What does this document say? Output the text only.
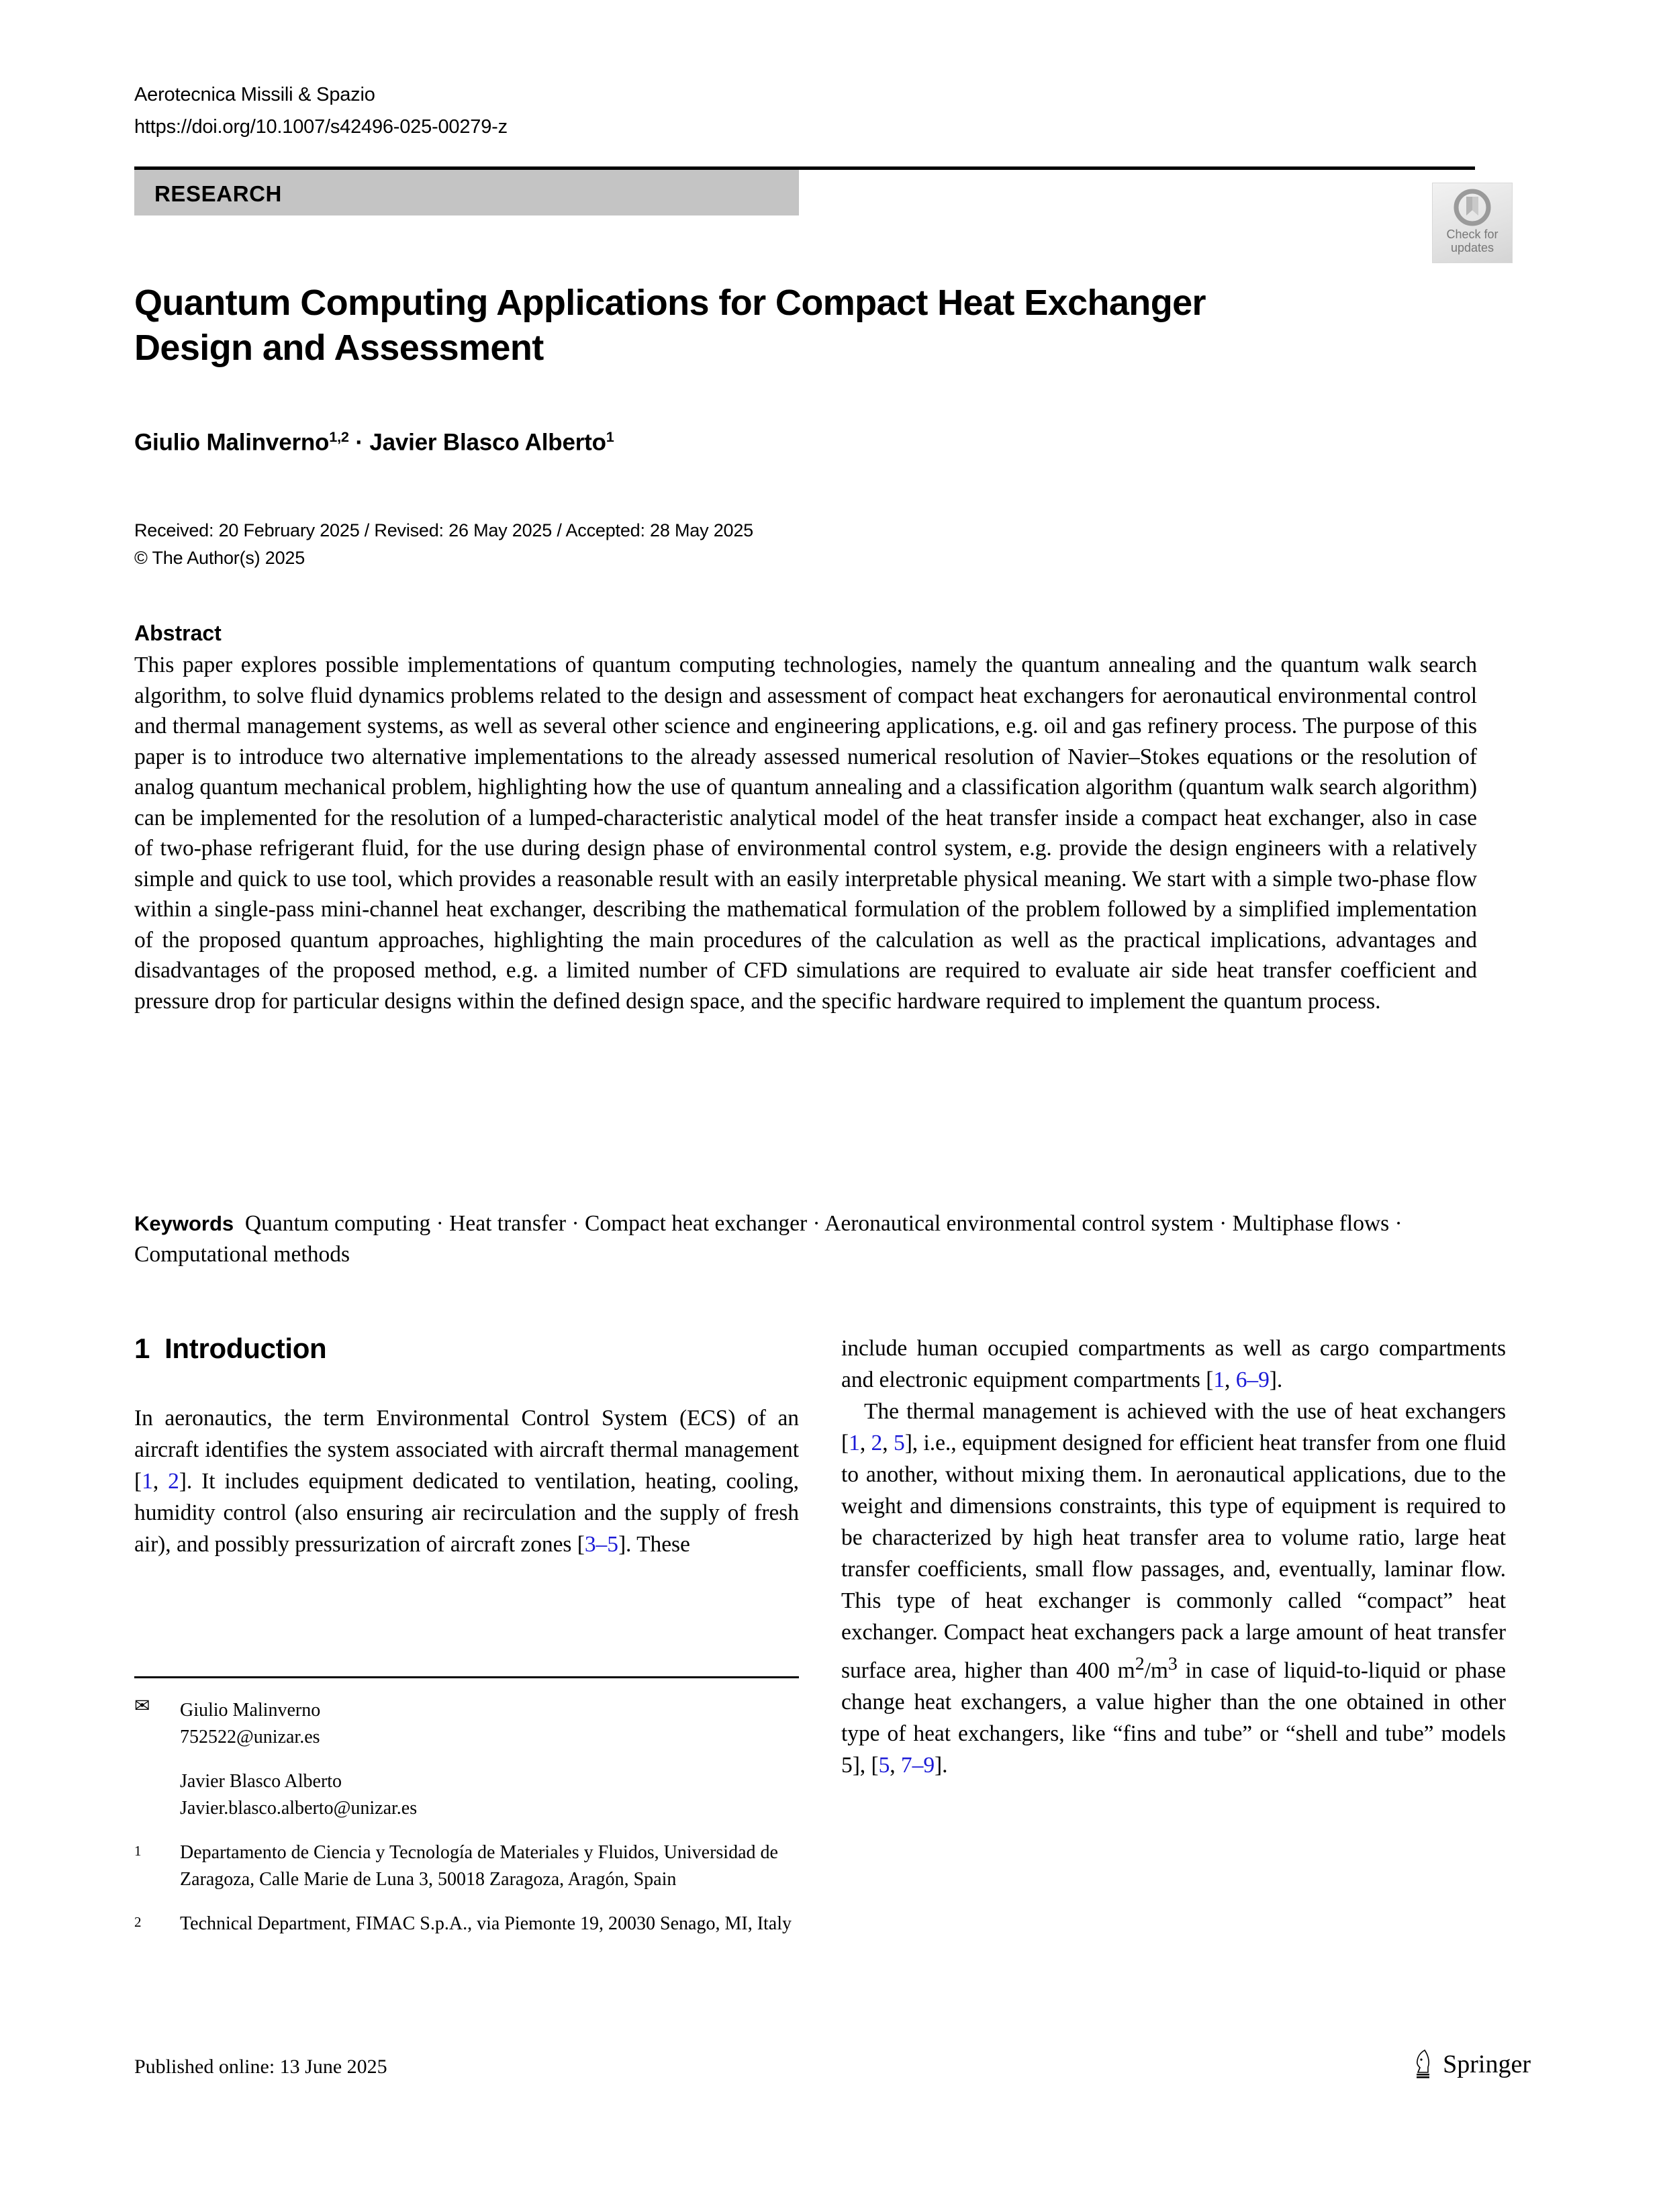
Aerotecnica Missili & Spazio
https://doi.org/10.1007/s42496-025-00279-z
RESEARCH
Check for
updates
Quantum Computing Applications for Compact Heat Exchanger Design and Assessment
Giulio Malinverno$^{1,2}$ · Javier Blasco Alberto$^1$
Received: 20 February 2025 / Revised: 26 May 2025 / Accepted: 28 May 2025
© The Author(s) 2025
Abstract
This paper explores possible implementations of quantum computing technologies, namely the quantum annealing and the quantum walk search algorithm, to solve fluid dynamics problems related to the design and assessment of compact heat exchangers for aeronautical environmental control and thermal management systems, as well as several other science and engineering applications, e.g. oil and gas refinery process. The purpose of this paper is to introduce two alternative implementations to the already assessed numerical resolution of Navier–Stokes equations or the resolution of analog quantum mechanical problem, highlighting how the use of quantum annealing and a classification algorithm (quantum walk search algorithm) can be implemented for the resolution of a lumped-characteristic analytical model of the heat transfer inside a compact heat exchanger, also in case of two-phase refrigerant fluid, for the use during design phase of environmental control system, e.g. provide the design engineers with a relatively simple and quick to use tool, which provides a reasonable result with an easily interpretable physical meaning. We start with a simple two-phase flow within a single-pass mini-channel heat exchanger, describing the mathematical formulation of the problem followed by a simplified implementation of the proposed quantum approaches, highlighting the main procedures of the calculation as well as the practical implications, advantages and disadvantages of the proposed method, e.g. a limited number of CFD simulations are required to evaluate air side heat transfer coefficient and pressure drop for particular designs within the defined design space, and the specific hardware required to implement the quantum process.
Keywords Quantum computing · Heat transfer · Compact heat exchanger · Aeronautical environmental control system · Multiphase flows · Computational methods
1 Introduction

In aeronautics, the term Environmental Control System (ECS) of an aircraft identifies the system associated with aircraft thermal management [1, 2]. It includes equipment dedicated to ventilation, heating, cooling, humidity control (also ensuring air recirculation and the supply of fresh air), and possibly pressurization of aircraft zones [3–5]. These

✉	Giulio Malinverno
752522@unizar.es
Javier Blasco Alberto
Javier.blasco.alberto@unizar.es
1	Departamento de Ciencia y Tecnología de Materiales y Fluidos, Universidad de Zaragoza, Calle Marie de Luna 3, 50018 Zaragoza, Aragón, Spain
2	Technical Department, FIMAC S.p.A., via Piemonte 19, 20030 Senago, MI, Italy

include human occupied compartments as well as cargo compartments and electronic equipment compartments [1, 6–9].

The thermal management is achieved with the use of heat exchangers [1, 2, 5], i.e., equipment designed for efficient heat transfer from one fluid to another, without mixing them. In aeronautical applications, due to the weight and dimensions constraints, this type of equipment is required to be characterized by high heat transfer area to volume ratio, large heat transfer coefficients, small flow passages, and, eventually, laminar flow. This type of heat exchanger is commonly called “compact” heat exchanger. Compact heat exchangers pack a large amount of heat transfer surface area, higher than 400 $m^2/m^3$ in case of liquid-to-liquid or phase change heat exchangers, a value higher than the one obtained in other type of heat exchangers, like “fins and tube” or “shell and tube” models 5], [5, 7–9].

Published online: 13 June 2025	Springer
